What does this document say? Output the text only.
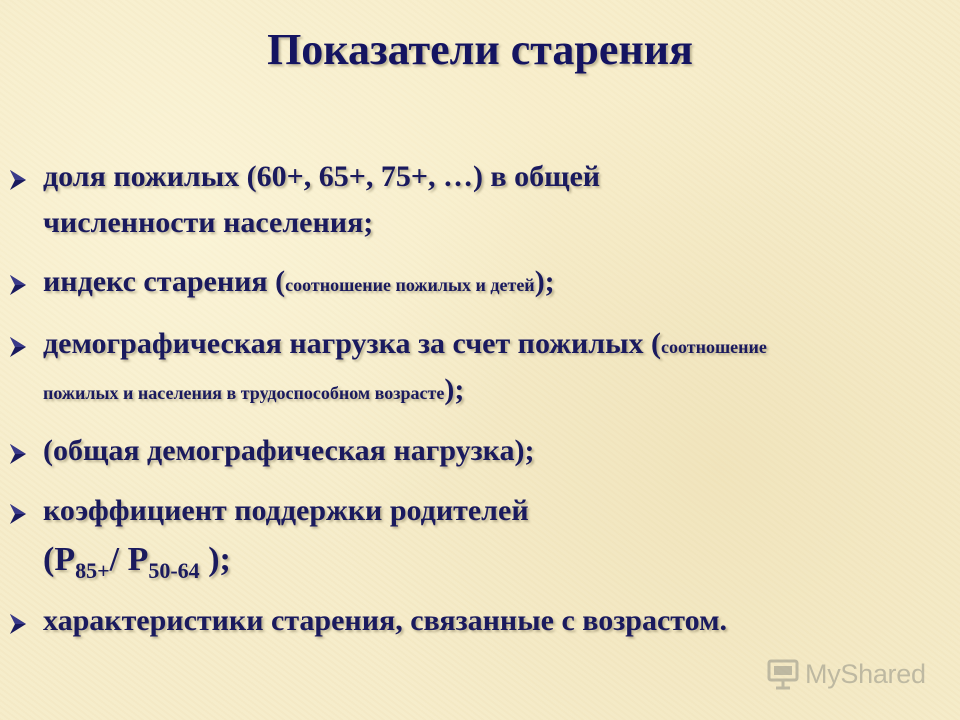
Показатели старения
доля пожилых (60+, 65+, 75+, …) в общей
численности населения;
индекс старения (соотношение пожилых и детей);
демографическая нагрузка за счет пожилых (соотношение
пожилых и населения в трудоспособном возрасте);
(общая демографическая нагрузка);
коэффициент поддержки родителей
($P_{85+}/$ $P_{50-64}$ );
характеристики старения, связанные с возрастом.
MyShared
